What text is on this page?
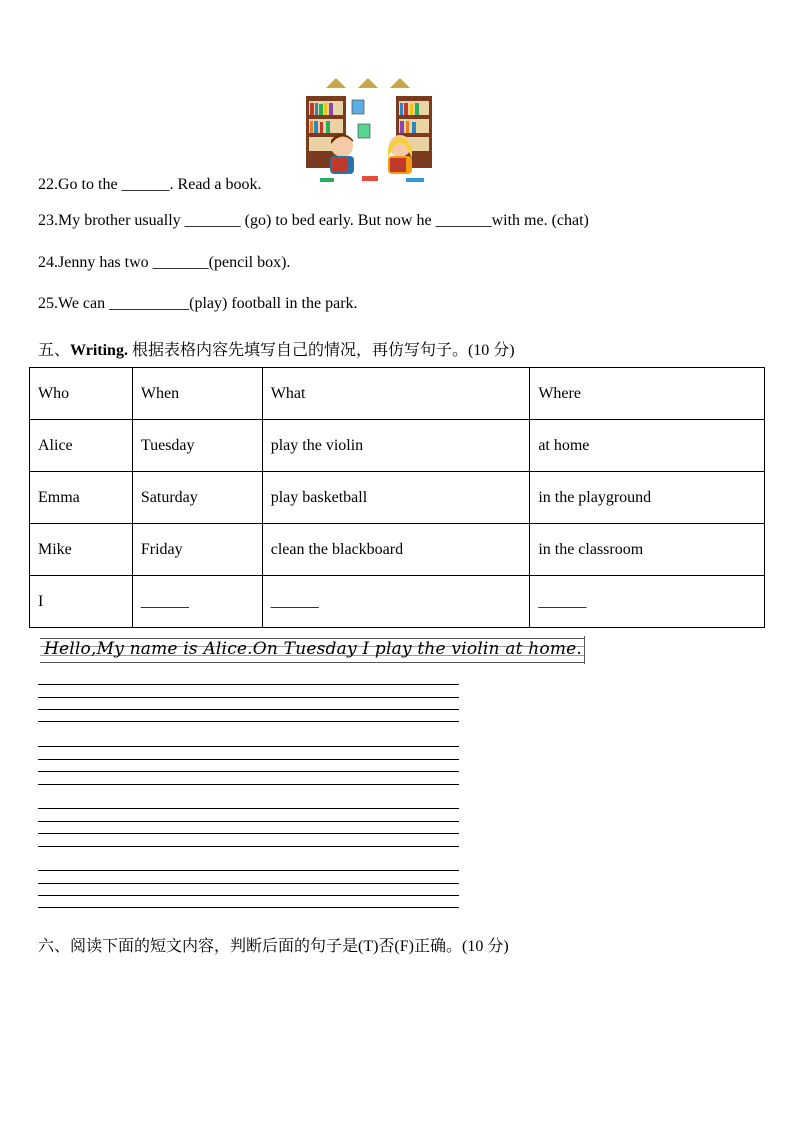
22.Go to the ______. Read a book.
23.My brother usually _______ (go) to bed early. But now he _______with me. (chat)
24.Jenny has two _______(pencil box).
25.We can __________(play) football in the park.
五、Writing. 根据表格内容先填写自己的情况，再仿写句子。(10 分)
Who	When	What	Where
Alice	Tuesday	play the violin	at home
Emma	Saturday	play basketball	in the playground
Mike	Friday	clean the blackboard	in the classroom
I	______	______	______
Hello,My name is Alice.On Tuesday I play the violin at home.
六、阅读下面的短文内容，判断后面的句子是(T)否(F)正确。(10 分)
